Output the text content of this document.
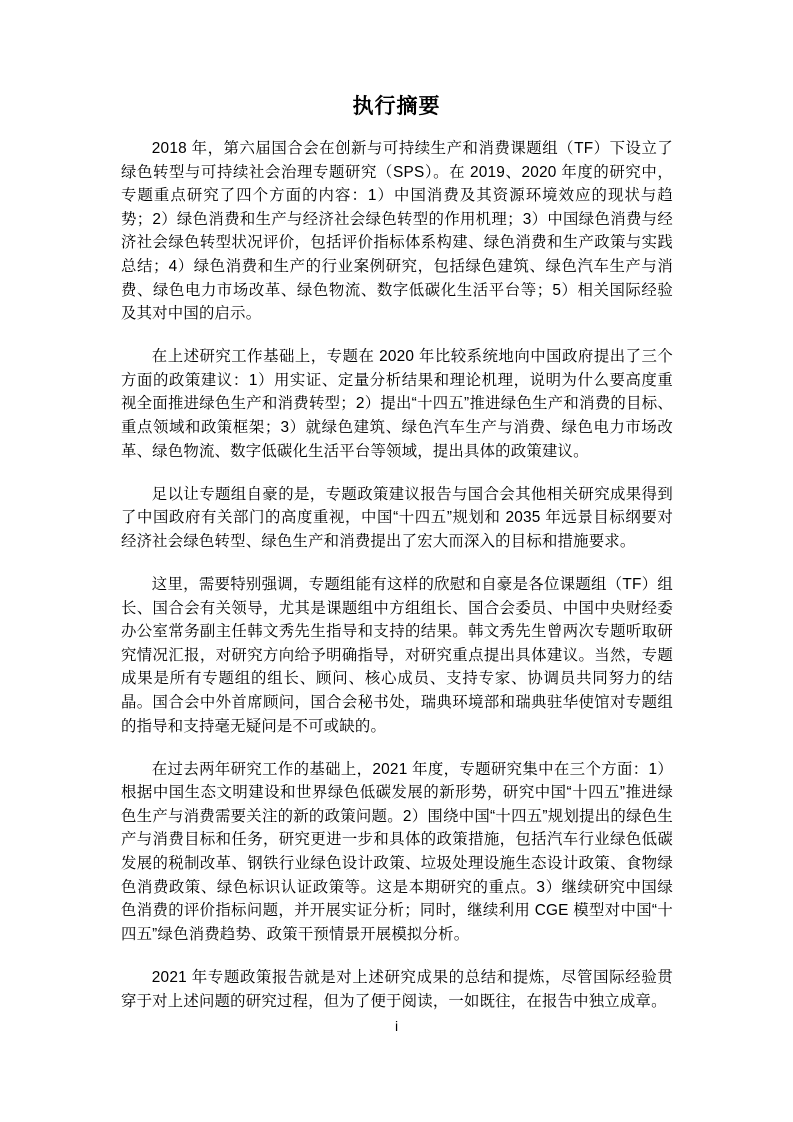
执行摘要

2018 年，第六届国合会在创新与可持续生产和消费课题组（TF）下设立了绿色转型与可持续社会治理专题研究（SPS）。在 2019、2020 年度的研究中，专题重点研究了四个方面的内容：1）中国消费及其资源环境效应的现状与趋势；2）绿色消费和生产与经济社会绿色转型的作用机理；3）中国绿色消费与经济社会绿色转型状况评价，包括评价指标体系构建、绿色消费和生产政策与实践总结；4）绿色消费和生产的行业案例研究，包括绿色建筑、绿色汽车生产与消费、绿色电力市场改革、绿色物流、数字低碳化生活平台等；5）相关国际经验及其对中国的启示。

在上述研究工作基础上，专题在 2020 年比较系统地向中国政府提出了三个方面的政策建议：1）用实证、定量分析结果和理论机理，说明为什么要高度重视全面推进绿色生产和消费转型；2）提出“十四五”推进绿色生产和消费的目标、重点领域和政策框架；3）就绿色建筑、绿色汽车生产与消费、绿色电力市场改革、绿色物流、数字低碳化生活平台等领域，提出具体的政策建议。

足以让专题组自豪的是，专题政策建议报告与国合会其他相关研究成果得到了中国政府有关部门的高度重视，中国“十四五”规划和 2035 年远景目标纲要对经济社会绿色转型、绿色生产和消费提出了宏大而深入的目标和措施要求。

这里，需要特别强调，专题组能有这样的欣慰和自豪是各位课题组（TF）组长、国合会有关领导，尤其是课题组中方组组长、国合会委员、中国中央财经委办公室常务副主任韩文秀先生指导和支持的结果。韩文秀先生曾两次专题听取研究情况汇报，对研究方向给予明确指导，对研究重点提出具体建议。当然，专题成果是所有专题组的组长、顾问、核心成员、支持专家、协调员共同努力的结晶。国合会中外首席顾问，国合会秘书处，瑞典环境部和瑞典驻华使馆对专题组的指导和支持毫无疑问是不可或缺的。

在过去两年研究工作的基础上，2021 年度，专题研究集中在三个方面：1）根据中国生态文明建设和世界绿色低碳发展的新形势，研究中国“十四五”推进绿色生产与消费需要关注的新的政策问题。2）围绕中国“十四五”规划提出的绿色生产与消费目标和任务，研究更进一步和具体的政策措施，包括汽车行业绿色低碳发展的税制改革、钢铁行业绿色设计政策、垃圾处理设施生态设计政策、食物绿色消费政策、绿色标识认证政策等。这是本期研究的重点。3）继续研究中国绿色消费的评价指标问题，并开展实证分析；同时，继续利用 CGE 模型对中国“十四五”绿色消费趋势、政策干预情景开展模拟分析。

2021 年专题政策报告就是对上述研究成果的总结和提炼，尽管国际经验贯穿于对上述问题的研究过程，但为了便于阅读，一如既往，在报告中独立成章。

i
